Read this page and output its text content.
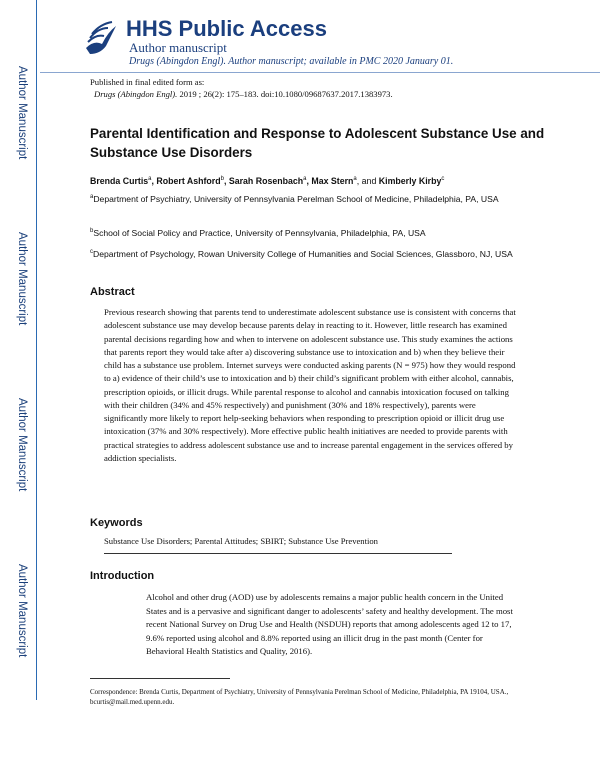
Author Manuscript
Author Manuscript
Author Manuscript
Author Manuscript
HHS Public Access
Author manuscript
Drugs (Abingdon Engl). Author manuscript; available in PMC 2020 January 01.
Published in final edited form as:
Drugs (Abingdon Engl). 2019 ; 26(2): 175–183. doi:10.1080/09687637.2017.1383973.
Parental Identification and Response to Adolescent Substance Use and Substance Use Disorders
Brenda Curtis$^a$, Robert Ashford$^b$, Sarah Rosenbach$^a$, Max Stern$^a$, and Kimberly Kirby$^c$
$^a$Department of Psychiatry, University of Pennsylvania Perelman School of Medicine, Philadelphia, PA, USA
$^b$School of Social Policy and Practice, University of Pennsylvania, Philadelphia, PA, USA
$^c$Department of Psychology, Rowan University College of Humanities and Social Sciences, Glassboro, NJ, USA
Abstract
Previous research showing that parents tend to underestimate adolescent substance use is consistent with concerns that adolescent substance use may develop because parents delay in reacting to it. However, little research has examined parental decisions regarding how and when to intervene on adolescent substance use. This study examines the actions that parents report they would take after a) discovering substance use to intoxication and b) when they believe their child has a substance use problem. Internet surveys were conducted asking parents (N = 975) how they would respond to a) evidence of their child’s use to intoxication and b) their child’s significant problem with either alcohol, cannabis, prescription opioids, or illicit drugs. While parental response to alcohol and cannabis intoxication focused on talking with their children (34% and 45% respectively) and punishment (30% and 18% respectively), parents were significantly more likely to report help-seeking behaviors when responding to prescription opioid or illicit drug use intoxication (37% and 30% respectively). More effective public health initiatives are needed to provide parents with practical strategies to address adolescent substance use and to increase parental engagement in the services offered by addiction specialists.
Keywords
Substance Use Disorders; Parental Attitudes; SBIRT; Substance Use Prevention
Introduction
Alcohol and other drug (AOD) use by adolescents remains a major public health concern in the United States and is a pervasive and significant danger to adolescents’ safety and healthy development. The most recent National Survey on Drug Use and Health (NSDUH) reports that among adolescents aged 12 to 17, 9.6% reported using alcohol and 8.8% reported using an illicit drug in the past month (Center for Behavioral Health Statistics and Quality, 2016).
Correspondence: Brenda Curtis, Department of Psychiatry, University of Pennsylvania Perelman School of Medicine, Philadelphia, PA 19104, USA., bcurtis@mail.med.upenn.edu.
